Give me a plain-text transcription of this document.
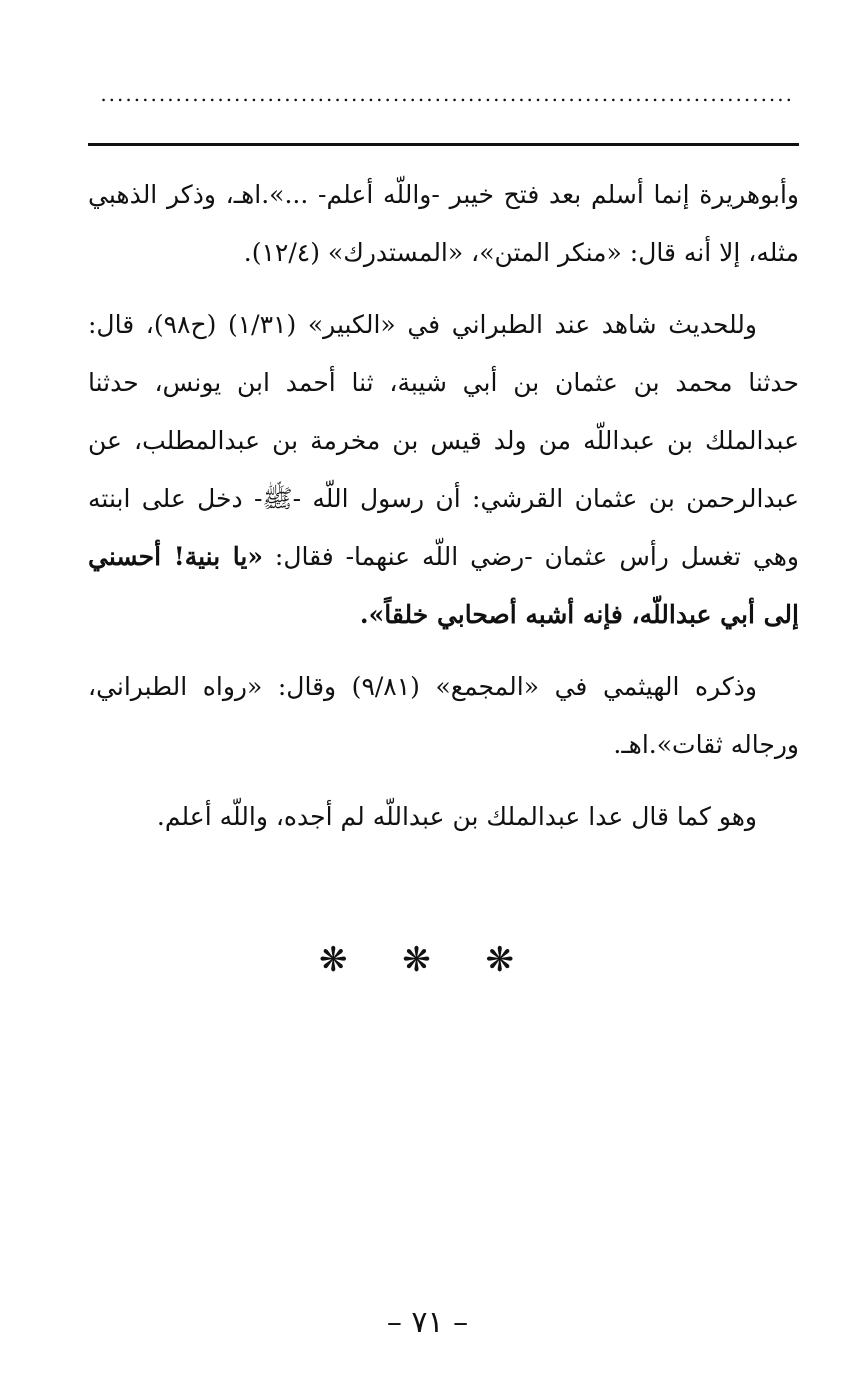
...................................................................................

وأبوهريرة إنما أسلم بعد فتح خيبر -واللّه أعلم- ...».اهـ، وذكر الذهبي مثله، إلا أنه قال: «منكر المتن»، «المستدرك» (١٢/٤).

وللحديث شاهد عند الطبراني في «الكبير» (١/٣١) (ح٩٨)، قال: حدثنا محمد بن عثمان بن أبي شيبة، ثنا أحمد ابن يونس، حدثنا عبدالملك بن عبداللّه من ولد قيس بن مخرمة بن عبدالمطلب، عن عبدالرحمن بن عثمان القرشي: أن رسول اللّه -ﷺ- دخل على ابنته وهي تغسل رأس عثمان -رضي اللّه عنهما- فقال: «يا بنية! أحسني إلى أبي عبداللّه، فإنه أشبه أصحابي خلقاً».

وذكره الهيثمي في «المجمع» (٩/٨١) وقال: «رواه الطبراني، ورجاله ثقات».اهـ.

وهو كما قال عدا عبدالملك بن عبداللّه لم أجده، واللّه أعلم.

❋ ❋ ❋
– ٧١ –
